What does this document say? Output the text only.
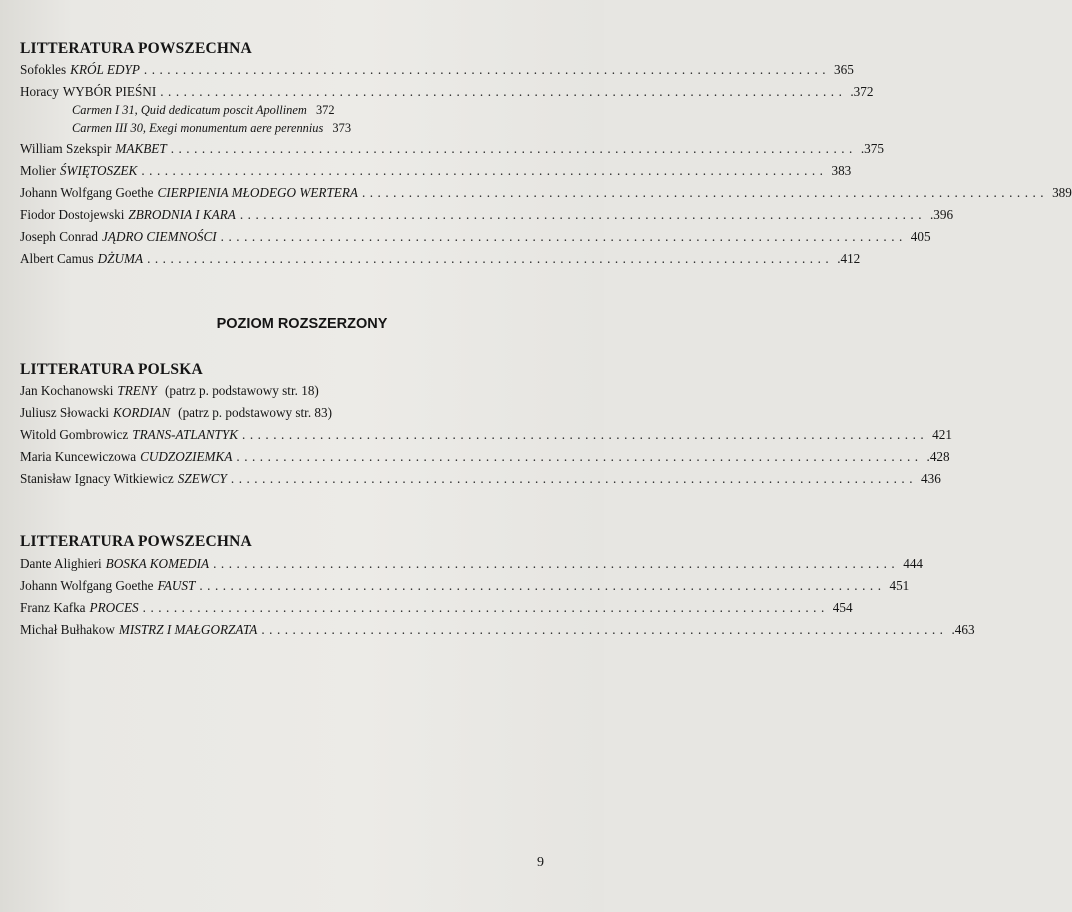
LITTERATURA POWSZECHNA
Sofokles KRÓL EDYP ........................................................................................ 365
Horacy WYBÓR PIEŚNI ........................................................................................ .372
Carmen I 31, Quid dedicatum poscit Apollinem 372
Carmen III 30, Exegi monumentum aere perennius 373
William Szekspir MAKBET ........................................................................................ .375
Molier ŚWIĘTOSZEK ........................................................................................ 383
Johann Wolfgang Goethe CIERPIENIA MŁODEGO WERTERA ........................................................................................ 389
Fiodor Dostojewski ZBRODNIA I KARA ........................................................................................ .396
Joseph Conrad JĄDRO CIEMNOŚCI ........................................................................................ 405
Albert Camus DŻUMA ........................................................................................ .412
POZIOM ROZSZERZONY
LITTERATURA POLSKA
Jan Kochanowski TRENY (patrz p. podstawowy str. 18)
Juliusz Słowacki KORDIAN (patrz p. podstawowy str. 83)
Witold Gombrowicz TRANS-ATLANTYK ........................................................................................ 421
Maria Kuncewiczowa CUDZOZIEMKA ........................................................................................ .428
Stanisław Ignacy Witkiewicz SZEWCY ........................................................................................ 436
LITTERATURA POWSZECHNA
Dante Alighieri BOSKA KOMEDIA ........................................................................................ 444
Johann Wolfgang Goethe FAUST ........................................................................................ 451
Franz Kafka PROCES ........................................................................................ 454
Michał Bułhakow MISTRZ I MAŁGORZATA ........................................................................................ .463
9
